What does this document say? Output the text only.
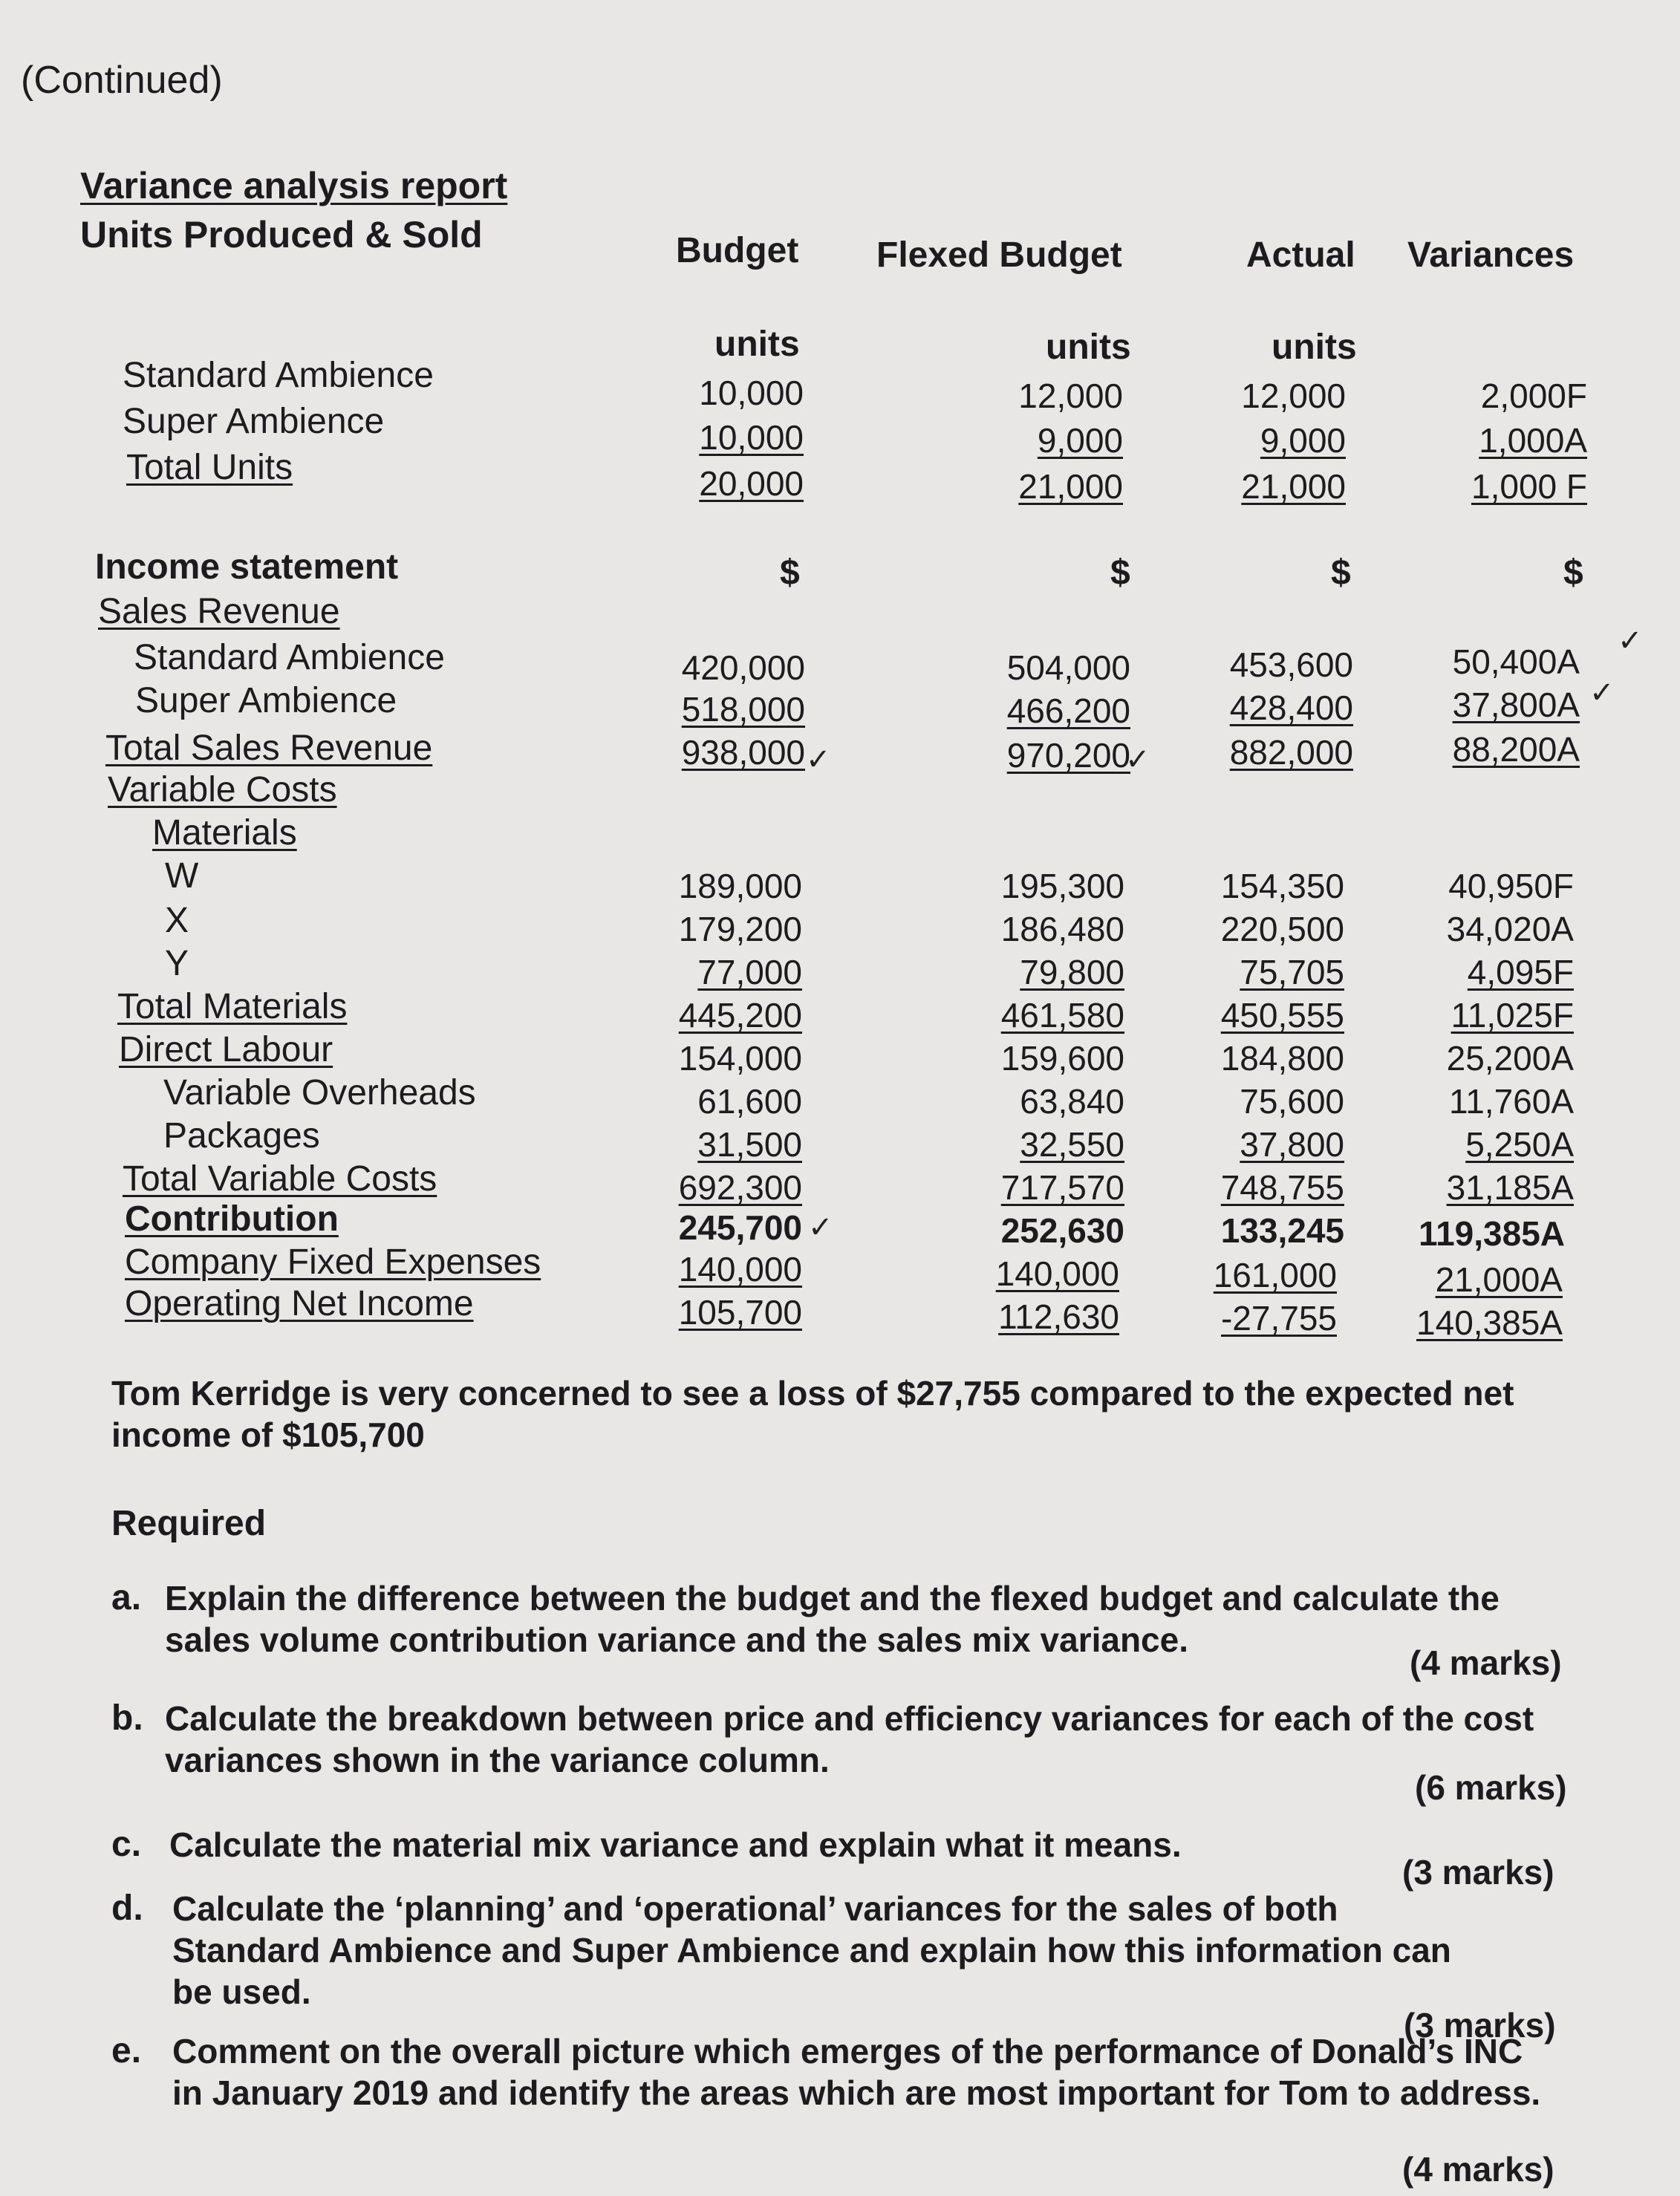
(Continued)
Variance analysis report
Units Produced & Sold	Budget Flexed Budget	Actual Variances
units	units	units
Standard Ambience	10,000	12,000	12,000	2,000F
Super Ambience	10,000	9,000	9,000	1,000A
Total Units	20,000	21,000	21,000	1,000 F
Income statement	$	$	$	$
Sales Revenue
Standard Ambience	420,000	504,000	453,600	50,400A
Super Ambience	518,000	466,200	428,400	37,800A
Total Sales Revenue	938,000	970,200	882,000	88,200A
Variable Costs
Materials
W	189,000	195,300	154,350	40,950F
X	179,200	186,480	220,500	34,020A
Y	77,000	79,800	75,705	4,095F
Total Materials	445,200	461,580	450,555	11,025F
Direct Labour	154,000	159,600	184,800	25,200A
Variable Overheads	61,600	63,840	75,600	11,760A
Packages	31,500	32,550	37,800	5,250A
Total Variable Costs	692,300	717,570	748,755	31,185A
Contribution	245,700	252,630	133,245 119,385A
Company Fixed Expenses	140,000	140,000	161,000	21,000A
Operating Net Income	105,700	112,630	-27,755 140,385A
✓
✓
✓	✓
✓
Tom Kerridge is very concerned to see a loss of $27,755 compared to the expected net income of $105,700
Required
a. Explain the difference between the budget and the flexed budget and calculate the sales volume contribution variance and the sales mix variance.
(4 marks)
b. Calculate the breakdown between price and efficiency variances for each of the cost variances shown in the variance column.
(6 marks)
c. Calculate the material mix variance and explain what it means.
(3 marks)
d. Calculate the ‘planning’ and ‘operational’ variances for the sales of both Standard Ambience and Super Ambience and explain how this information can be used.
(3 marks)
e. Comment on the overall picture which emerges of the performance of Donald’s INC in January 2019 and identify the areas which are most important for Tom to address.
(4 marks)
